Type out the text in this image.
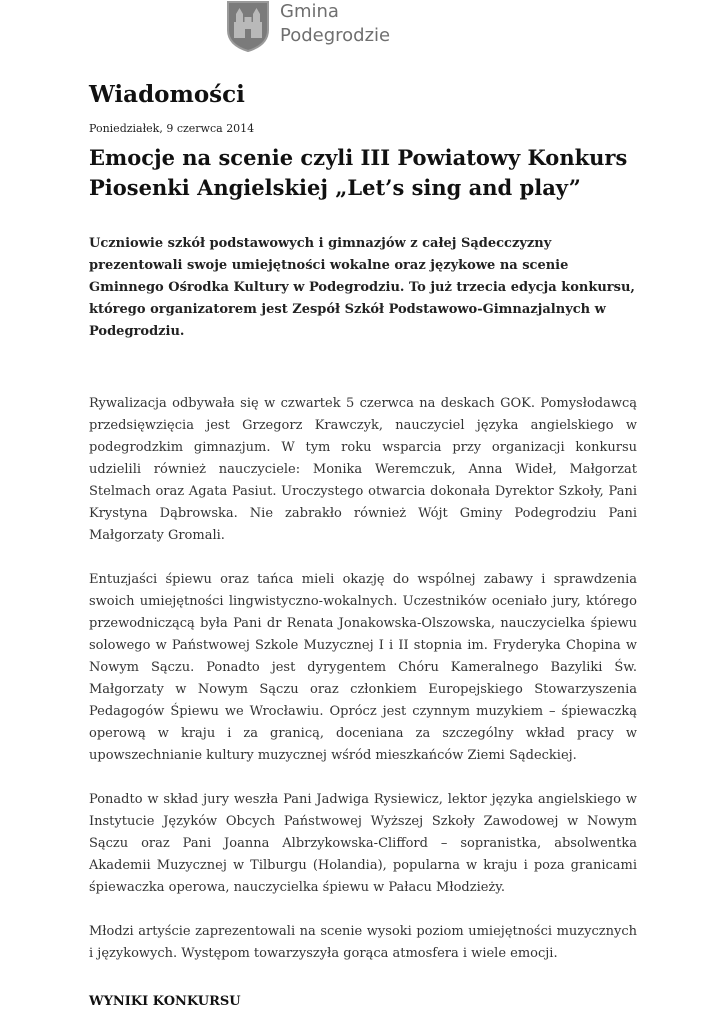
Gmina
Podegrodzie
Wiadomości
Poniedziałek, 9 czerwca 2014
Emocje na scenie czyli III Powiatowy Konkurs Piosenki Angielskiej „Let’s sing and play”
Uczniowie szkół podstawowych i gimnazjów z całej Sądecczyzny prezentowali swoje umiejętności wokalne oraz językowe na scenie Gminnego Ośrodka Kultury w Podegrodziu. To już trzecia edycja konkursu, którego organizatorem jest Zespół Szkół Podstawowo-Gimnazjalnych w Podegrodziu.

Rywalizacja odbywała się w czwartek 5 czerwca na deskach GOK. Pomysłodawcą przedsięwzięcia jest Grzegorz Krawczyk, nauczyciel języka angielskiego w podegrodzkim gimnazjum. W tym roku wsparcia przy organizacji konkursu udzielili również nauczyciele: Monika Weremczuk, Anna Wideł, Małgorzat Stelmach oraz Agata Pasiut. Uroczystego otwarcia dokonała Dyrektor Szkoły, Pani Krystyna Dąbrowska. Nie zabrakło również Wójt Gminy Podegrodziu Pani Małgorzaty Gromali.

Entuzjaści śpiewu oraz tańca mieli okazję do wspólnej zabawy i sprawdzenia swoich umiejętności lingwistyczno-wokalnych. Uczestników oceniało jury, którego przewodniczącą była Pani dr Renata Jonakowska-Olszowska, nauczycielka śpiewu solowego w Państwowej Szkole Muzycznej I i II stopnia im. Fryderyka Chopina w Nowym Sączu. Ponadto jest dyrygentem Chóru Kameralnego Bazyliki Św. Małgorzaty w Nowym Sączu oraz członkiem Europejskiego Stowarzyszenia Pedagogów Śpiewu we Wrocławiu. Oprócz jest czynnym muzykiem – śpiewaczką operową w kraju i za granicą, doceniana za szczególny wkład pracy w upowszechnianie kultury muzycznej wśród mieszkańców Ziemi Sądeckiej.

Ponadto w skład jury weszła Pani Jadwiga Rysiewicz, lektor języka angielskiego w Instytucie Języków Obcych Państwowej Wyższej Szkoły Zawodowej w Nowym Sączu oraz Pani Joanna Albrzykowska-Clifford – sopranistka, absolwentka Akademii Muzycznej w Tilburgu (Holandia), popularna w kraju i poza granicami śpiewaczka operowa, nauczycielka śpiewu w Pałacu Młodzieży.

Młodzi artyście zaprezentowali na scenie wysoki poziom umiejętności muzycznych i językowych. Występom towarzyszyła gorąca atmosfera i wiele emocji.

WYNIKI KONKURSU
